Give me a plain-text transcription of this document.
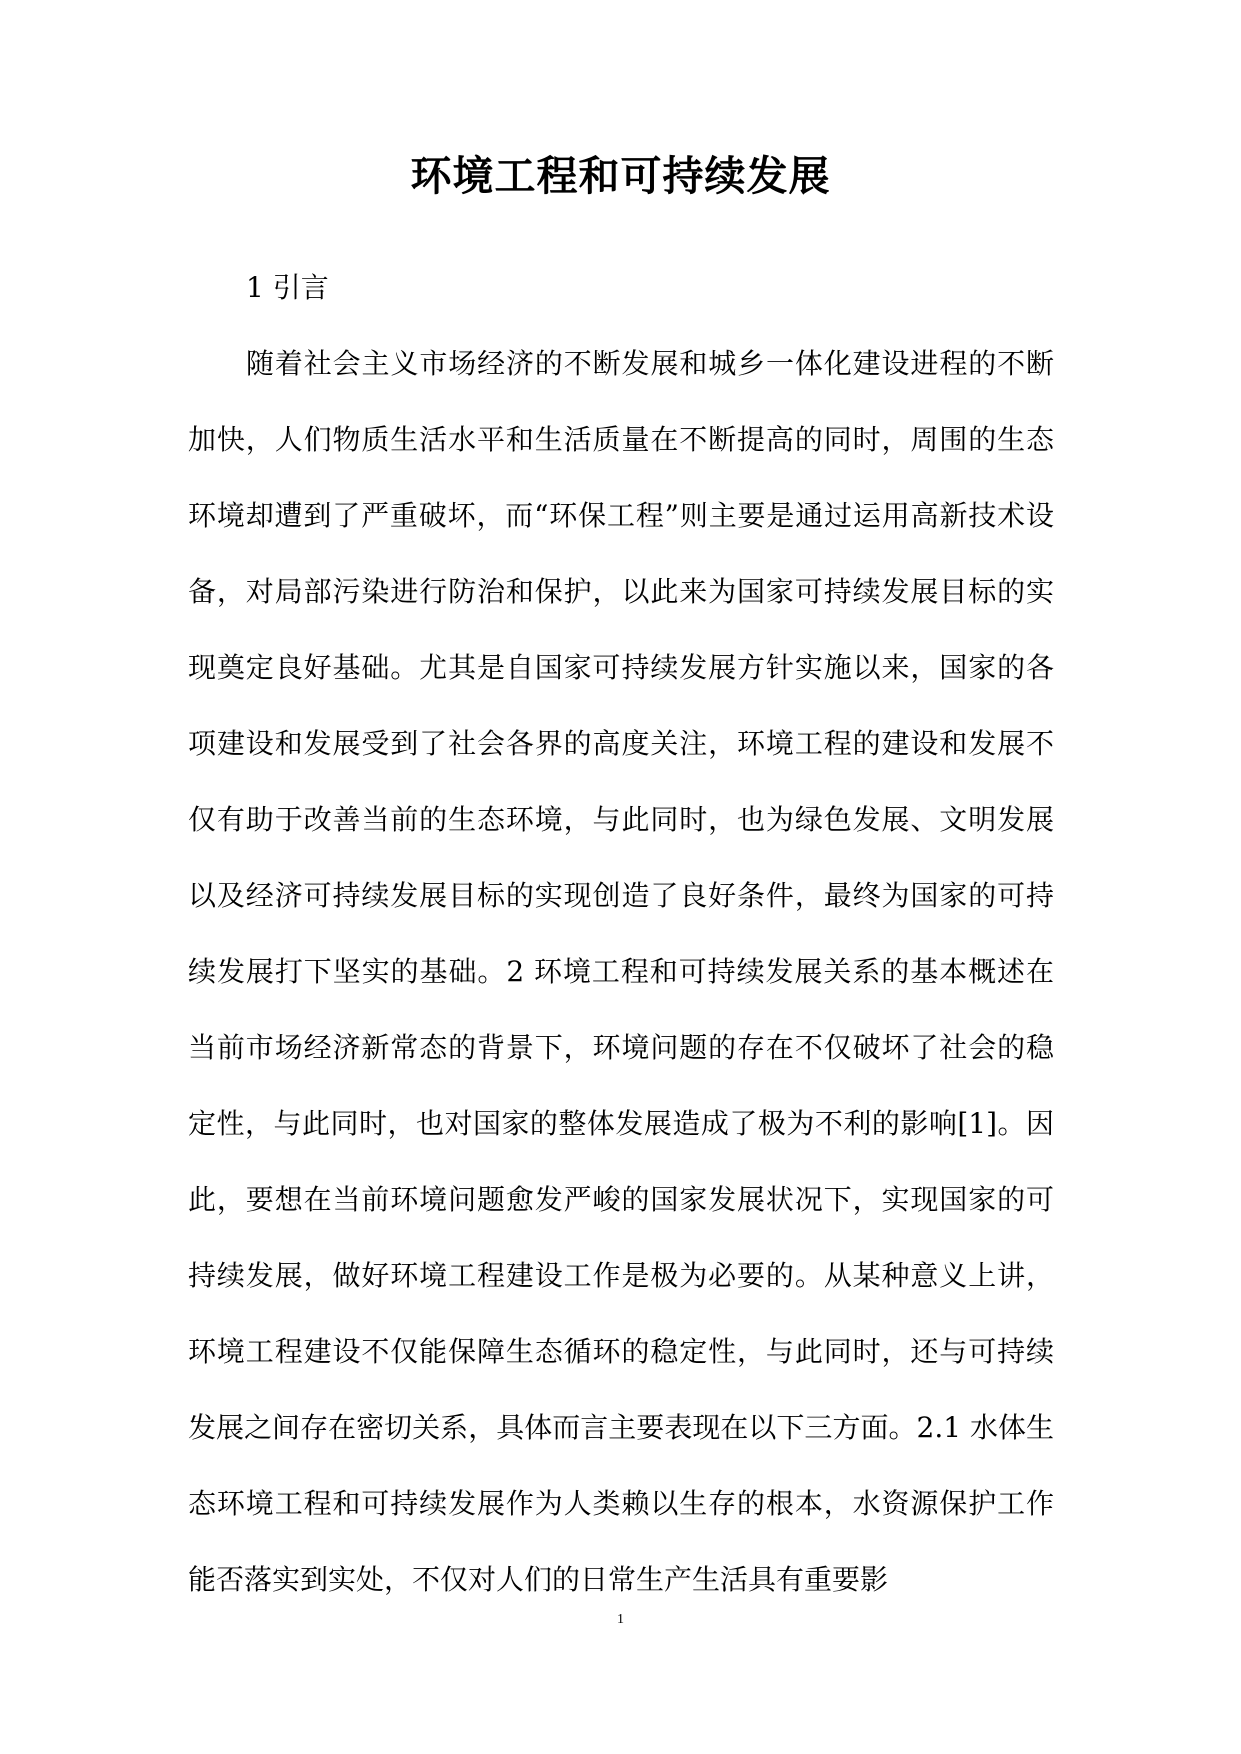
环境工程和可持续发展

1 引言

随着社会主义市场经济的不断发展和城乡一体化建设进程的不断加快，人们物质生活水平和生活质量在不断提高的同时，周围的生态环境却遭到了严重破坏，而“环保工程”则主要是通过运用高新技术设备，对局部污染进行防治和保护，以此来为国家可持续发展目标的实现奠定良好基础。尤其是自国家可持续发展方针实施以来，国家的各项建设和发展受到了社会各界的高度关注，环境工程的建设和发展不仅有助于改善当前的生态环境，与此同时，也为绿色发展、文明发展以及经济可持续发展目标的实现创造了良好条件，最终为国家的可持续发展打下坚实的基础。2 环境工程和可持续发展关系的基本概述在当前市场经济新常态的背景下，环境问题的存在不仅破坏了社会的稳定性，与此同时，也对国家的整体发展造成了极为不利的影响[1]。因此，要想在当前环境问题愈发严峻的国家发展状况下，实现国家的可持续发展，做好环境工程建设工作是极为必要的。从某种意义上讲，环境工程建设不仅能保障生态循环的稳定性，与此同时，还与可持续发展之间存在密切关系，具体而言主要表现在以下三方面。2.1 水体生态环境工程和可持续发展作为人类赖以生存的根本，水资源保护工作能否落实到实处，不仅对人们的日常生产生活具有重要影

1
